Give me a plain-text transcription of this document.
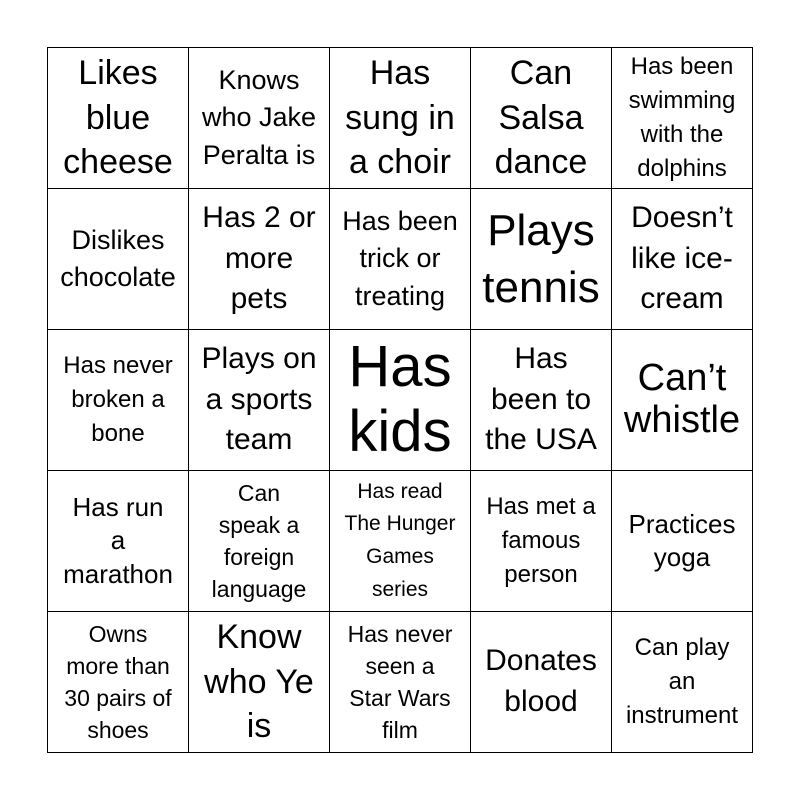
Likes
blue
cheese
Knows
who Jake
Peralta is
Has
sung in
a choir
Can
Salsa
dance
Has been
swimming
with the
dolphins
Dislikes
chocolate
Has 2 or
more
pets
Has been
trick or
treating
Plays
tennis
Doesn’t
like ice-
cream
Has never
broken a
bone
Plays on
a sports
team
Has
kids
Has
been to
the USA
Can’t
whistle
Has run
a
marathon
Can
speak a
foreign
language
Has read
The Hunger
Games
series
Has met a
famous
person
Practices
yoga
Owns
more than
30 pairs of
shoes
Know
who Ye
is
Has never
seen a
Star Wars
film
Donates
blood
Can play
an
instrument
